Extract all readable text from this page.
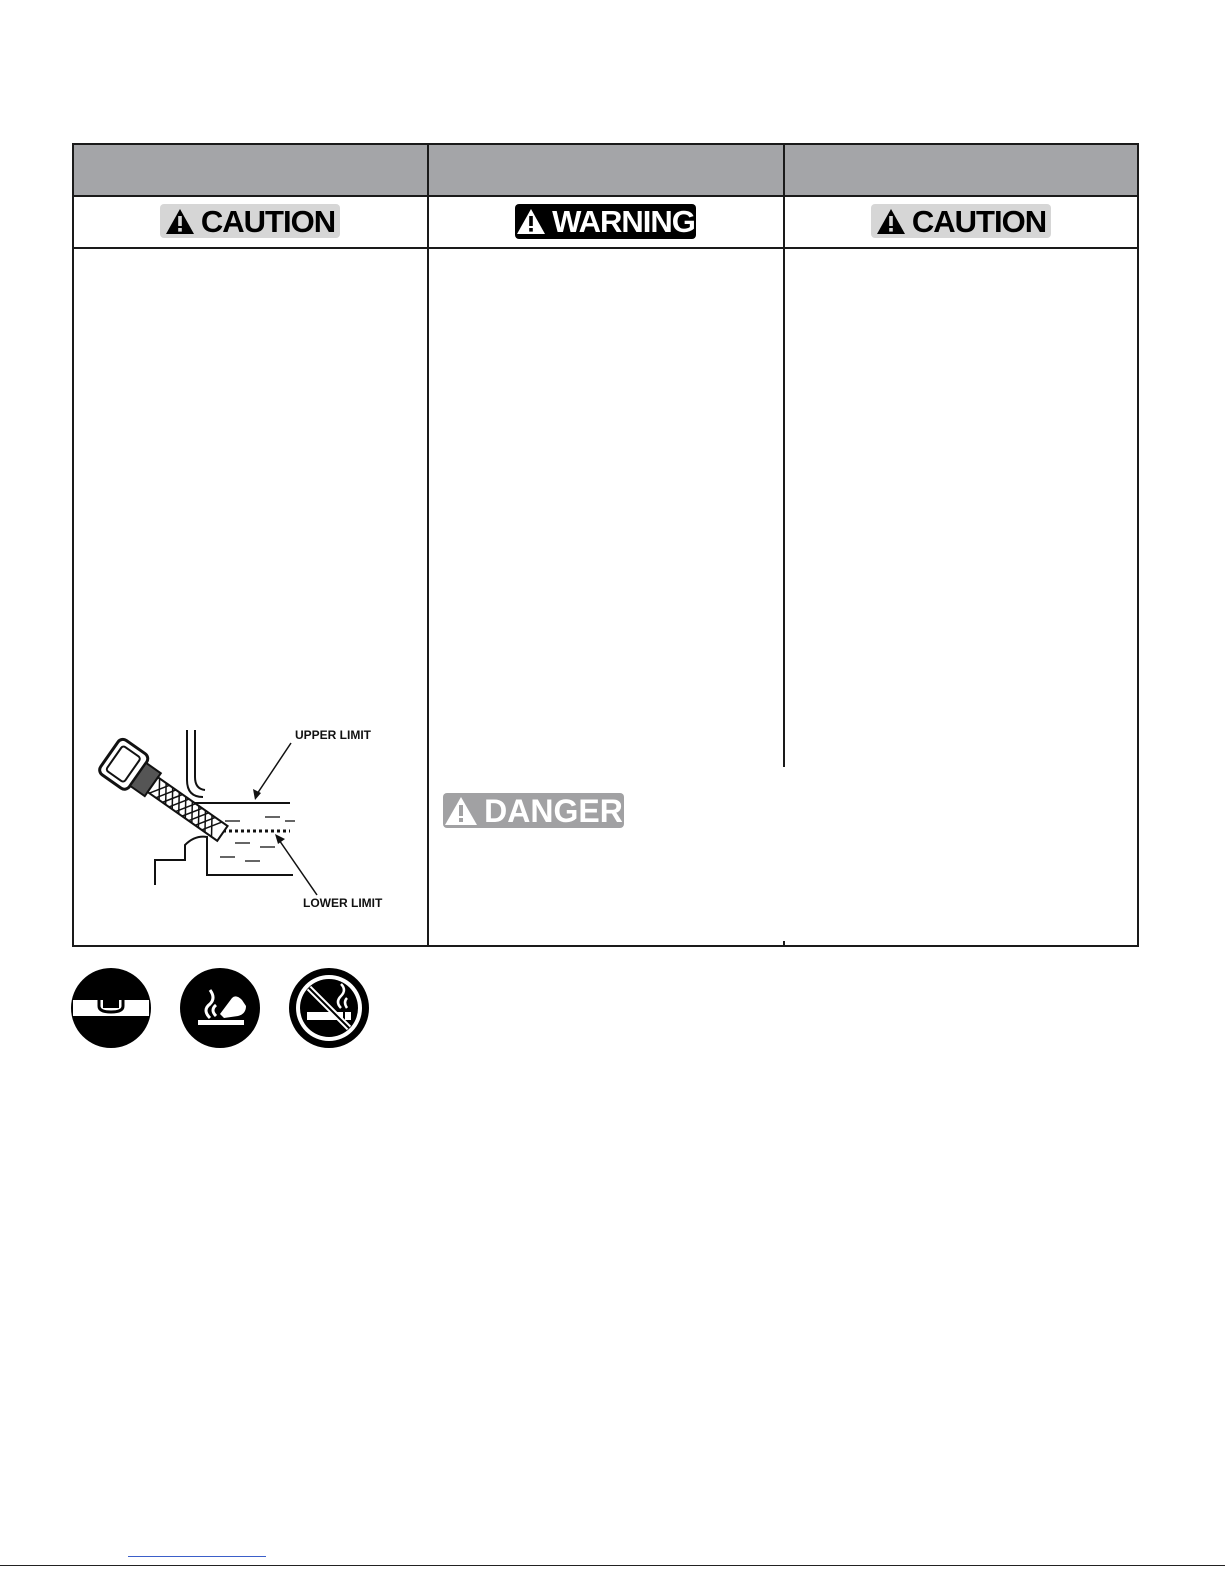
CAUTION	WARNING	CAUTION
UPPER LIMIT
LOWER LIMIT
DANGER
